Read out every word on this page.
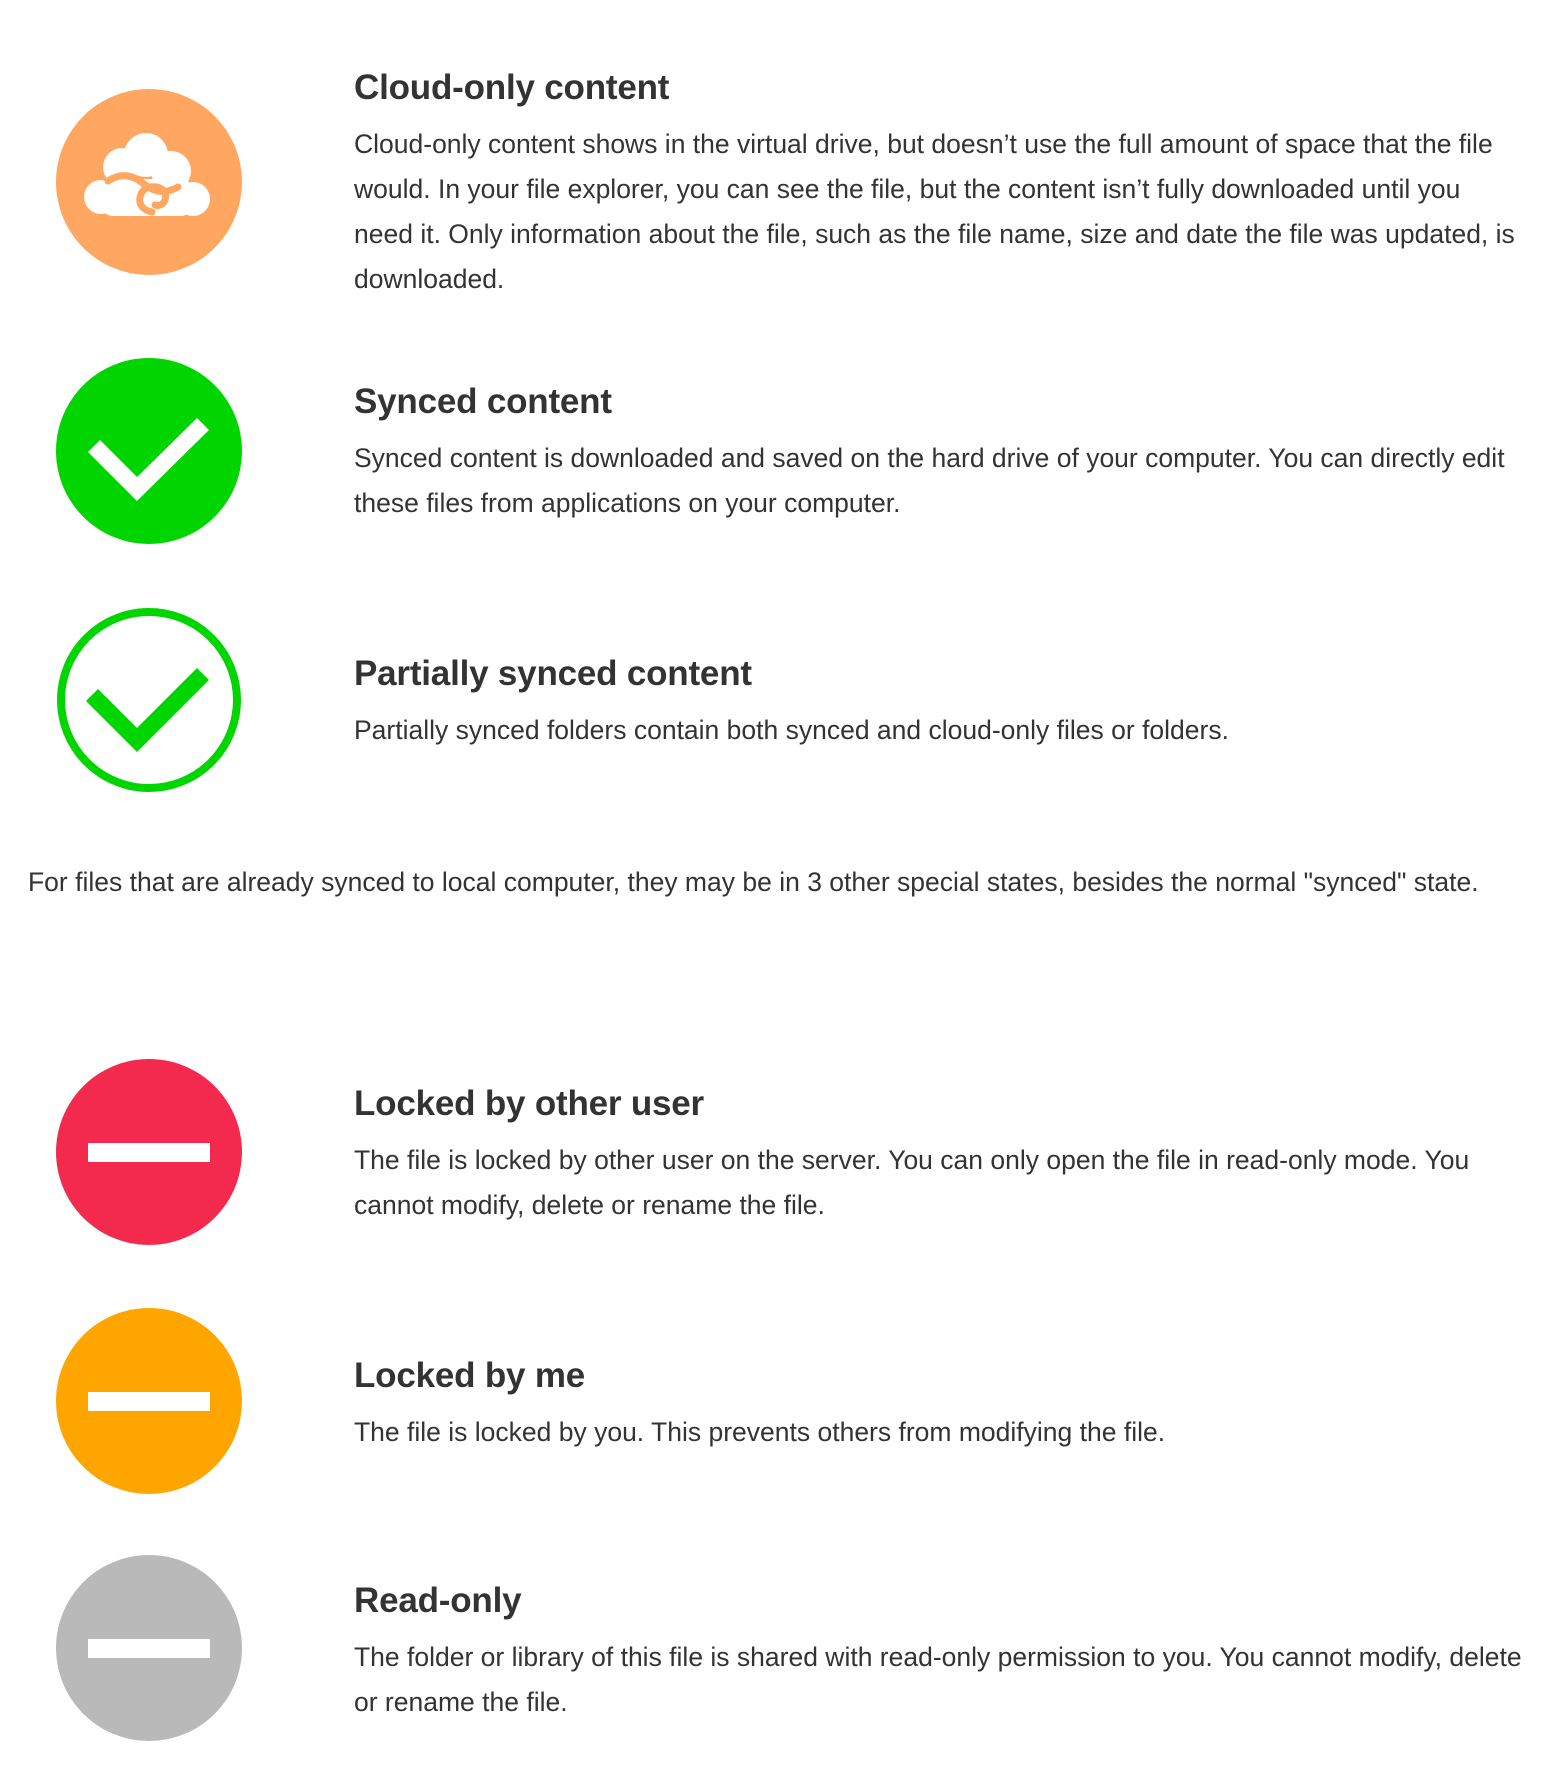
Cloud-only content

Cloud-only content shows in the virtual drive, but doesn’t use the full amount of space that the file would. In your file explorer, you can see the file, but the content isn’t fully downloaded until you need it. Only information about the file, such as the file name, size and date the file was updated, is downloaded.

Synced content

Synced content is downloaded and saved on the hard drive of your computer. You can directly edit these files from applications on your computer.

Partially synced content

Partially synced folders contain both synced and cloud-only files or folders.

For files that are already synced to local computer, they may be in 3 other special states, besides the normal "synced" state.

Locked by other user

The file is locked by other user on the server. You can only open the file in read-only mode. You cannot modify, delete or rename the file.

Locked by me

The file is locked by you. This prevents others from modifying the file.

Read-only

The folder or library of this file is shared with read-only permission to you. You cannot modify, delete or rename the file.
